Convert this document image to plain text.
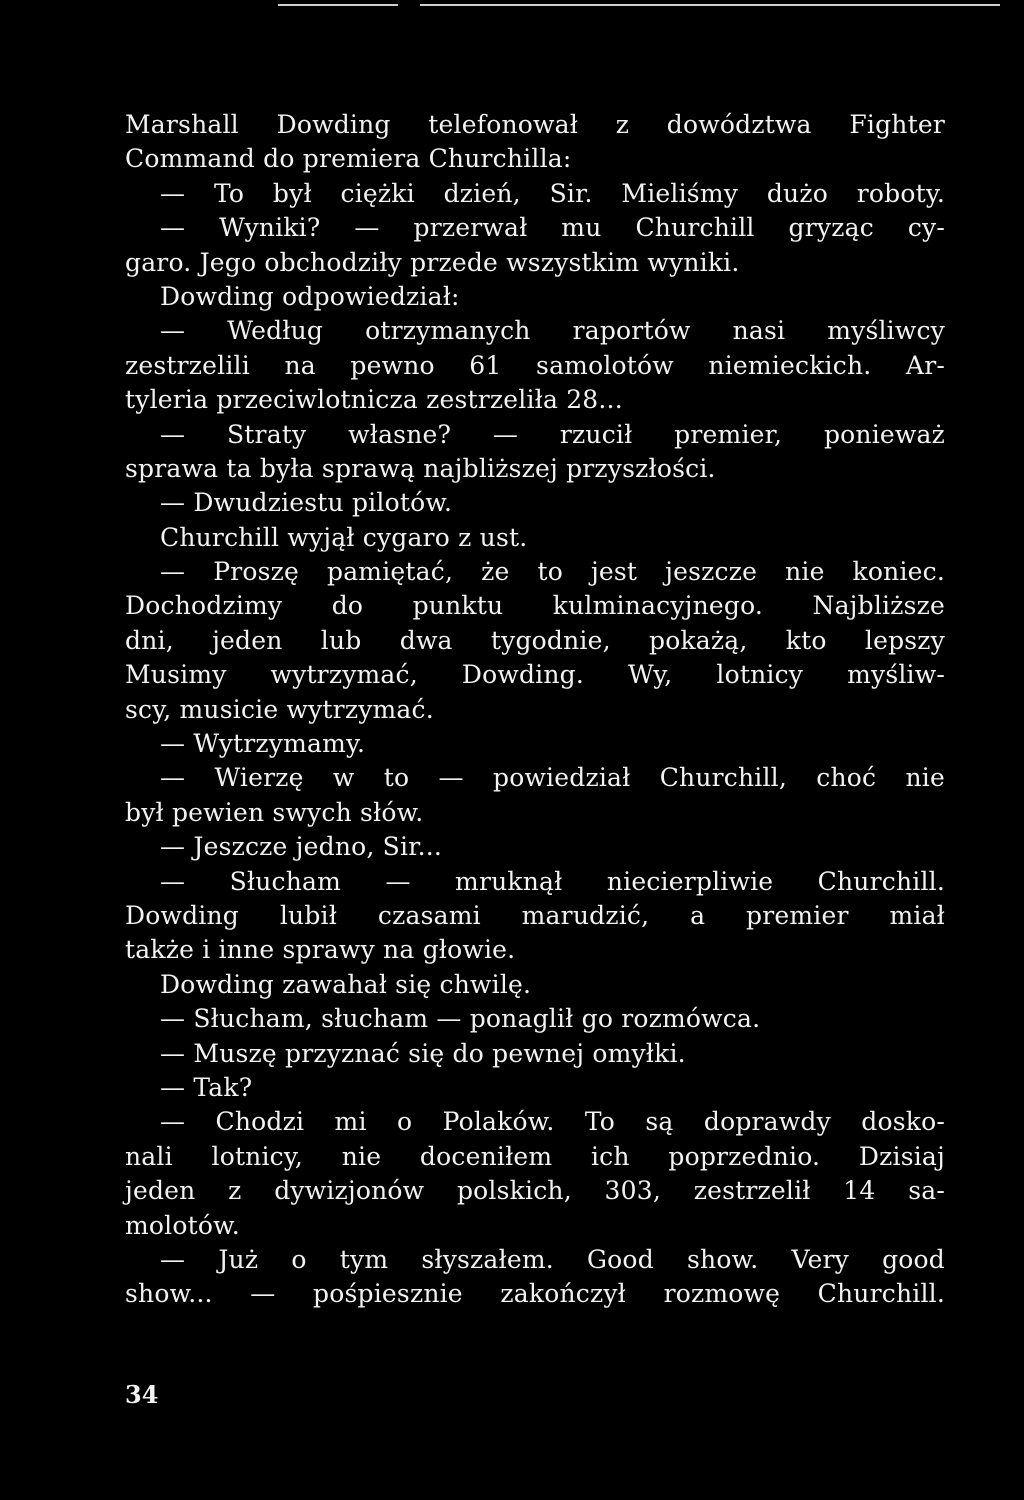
Marshall Dowding telefonował z dowództwa Fighter
Command do premiera Churchilla:
— To był ciężki dzień, Sir. Mieliśmy dużo roboty.
— Wyniki? — przerwał mu Churchill gryząc cy-
garo. Jego obchodziły przede wszystkim wyniki.
Dowding odpowiedział:
— Według otrzymanych raportów nasi myśliwcy
zestrzelili na pewno 61 samolotów niemieckich. Ar-
tyleria przeciwlotnicza zestrzeliła 28...
— Straty własne? — rzucił premier, ponieważ
sprawa ta była sprawą najbliższej przyszłości.
— Dwudziestu pilotów.
Churchill wyjął cygaro z ust.
— Proszę pamiętać, że to jest jeszcze nie koniec.
Dochodzimy do punktu kulminacyjnego. Najbliższe
dni, jeden lub dwa tygodnie, pokażą, kto lepszy
Musimy wytrzymać, Dowding. Wy, lotnicy myśliw-
scy, musicie wytrzymać.
— Wytrzymamy.
— Wierzę w to — powiedział Churchill, choć nie
był pewien swych słów.
— Jeszcze jedno, Sir...
— Słucham — mruknął niecierpliwie Churchill.
Dowding lubił czasami marudzić, a premier miał
także i inne sprawy na głowie.
Dowding zawahał się chwilę.
— Słucham, słucham — ponaglił go rozmówca.
— Muszę przyznać się do pewnej omyłki.
— Tak?
— Chodzi mi o Polaków. To są doprawdy dosko-
nali lotnicy, nie doceniłem ich poprzednio. Dzisiaj
jeden z dywizjonów polskich, 303, zestrzelił 14 sa-
molotów.
— Już o tym słyszałem. Good show. Very good
show... — pośpiesznie zakończył rozmowę Churchill.
34
